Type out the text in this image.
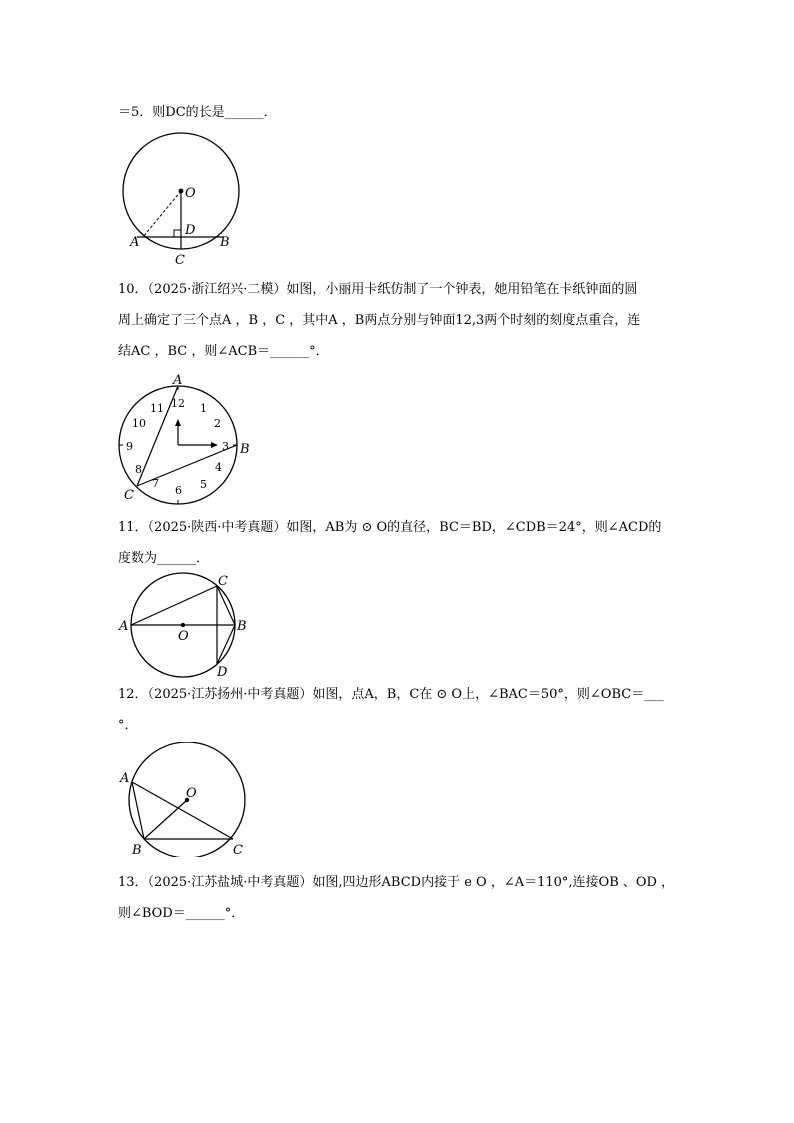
＝5．则DC的长是______．
O
D
A	B
C
10．（2025·浙江绍兴·二模）如图，小丽用卡纸仿制了一个钟表，她用铅笔在卡纸钟面的圆
周上确定了三个点A ，B ，C ，其中A ，B两点分别与钟面12,3两个时刻的刻度点重合，连
结AC ，BC ，则∠ACB＝______°．
A
B
C
12 1
2
3
4
5
6
7
8
9
10
11
11．（2025·陕西·中考真题）如图，AB为 ⊙ O的直径，BC＝BD，∠CDB＝24°，则∠ACD的
度数为______．
A	B
C
D
O
12．（2025·江苏扬州·中考真题）如图，点A，B，C在 ⊙ O上，∠BAC＝50°，则∠OBC＝___
°．
A
B	C
O
13．（2025·江苏盐城·中考真题）如图,四边形ABCD内接于 e O ，∠A＝110°,连接OB 、OD ，
则∠BOD＝______°．
